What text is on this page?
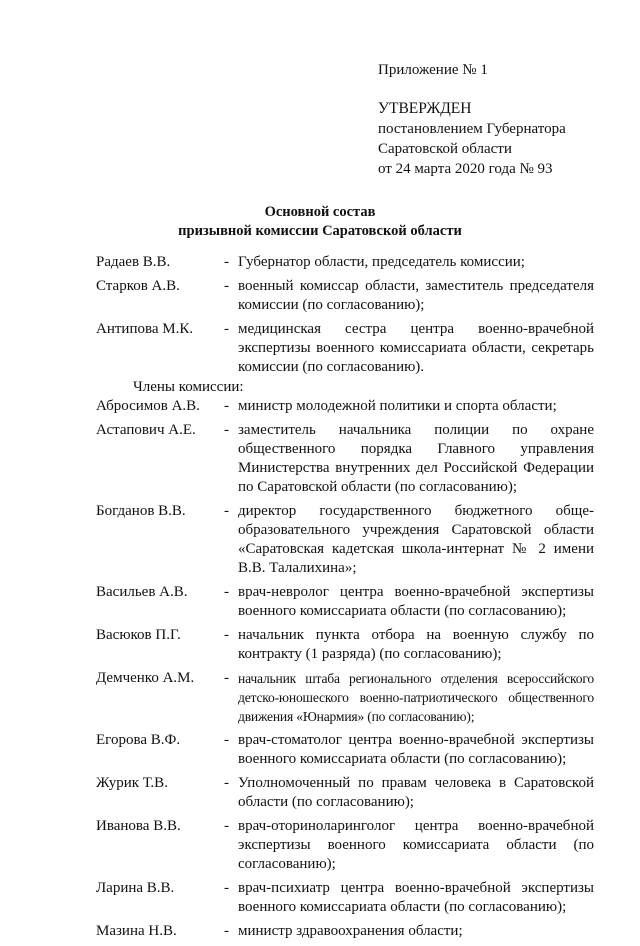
Приложение № 1
УТВЕРЖДЕН
постановлением Губернатора
Саратовской области
от 24 марта 2020 года № 93
Основной состав
призывной комиссии Саратовской области
Радаев В.В.	- Губернатор области, председатель комиссии;
Старков А.В.	- военный комиссар области, заместитель председателя комиссии (по согласованию);
Антипова М.К.	- медицинская сестра центра военно-врачебной экспертизы военного комиссариата области, секретарь комиссии (по согласованию).
Члены комиссии:
Абросимов А.В.	- министр молодежной политики и спорта области;
Астапович А.Е.	- заместитель начальника полиции по охране общественного порядка Главного управления Министерства внутренних дел Российской Федерации по Саратовской области (по согласованию);
Богданов В.В.	- директор государственного бюджетного обще-образовательного учреждения Саратовской области «Саратовская кадетская школа-интернат № 2 имени В.В. Талалихина»;
Васильев А.В.	- врач-невролог центра военно-врачебной экспертизы военного комиссариата области (по согласованию);
Васюков П.Г.	- начальник пункта отбора на военную службу по контракту (1 разряда) (по согласованию);
Демченко А.М.	- начальник штаба регионального отделения всероссийского детско-юношеского военно-патриотического общественного движения «Юнармия» (по согласованию);
Егорова В.Ф.	- врач-стоматолог центра военно-врачебной экспертизы военного комиссариата области (по согласованию);
Журик Т.В.	- Уполномоченный по правам человека в Саратовской области (по согласованию);
Иванова В.В.	- врач-оториноларинголог центра военно-врачебной экспертизы военного комиссариата области (по согласованию);
Ларина В.В.	- врач-психиатр центра военно-врачебной экспертизы военного комиссариата области (по согласованию);
Мазина Н.В.	- министр здравоохранения области;
